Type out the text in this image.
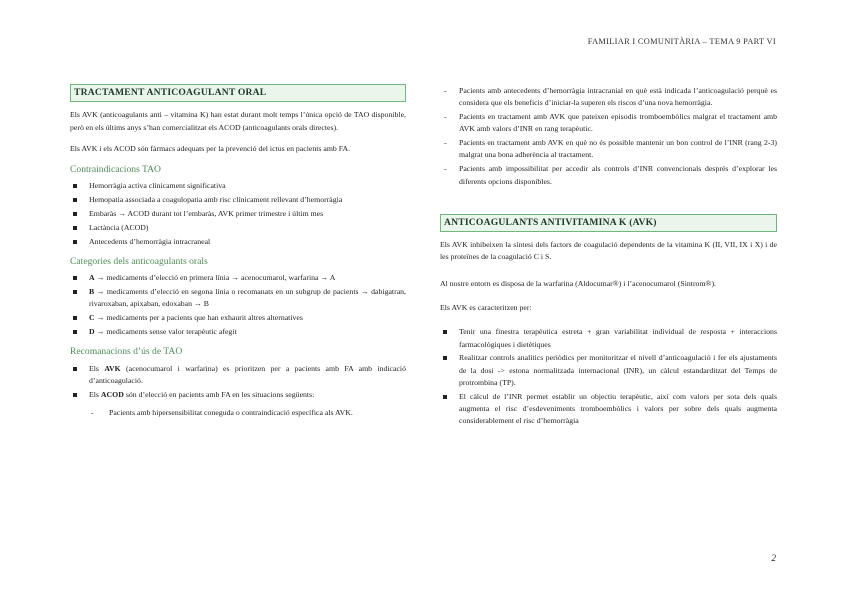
FAMILIAR I COMUNITÀRIA – TEMA 9 PART VI
TRACTAMENT ANTICOAGULANT ORAL

Els AVK (anticoagulants anti – vitamina K) han estat durant molt temps l’única opció de TAO disponible, però en els últims anys s’han comercialitzat els ACOD (anticoagulants orals directes).

Els AVK i els ACOD són fàrmacs adequats per la prevenció del ictus en pacients amb FA.

Contraindicacions TAO
Hemorràgia activa clínicament significativa
Hemopatia associada a coagulopatia amb risc clínicament rellevant d’hemorràgia
Embaràs → ACOD durant tot l’embaràs, AVK primer trimestre i últim mes
Lactància (ACOD)
Antecedents d’hemorràgia intracraneal
Categories dels anticoagulants orals
A → medicaments d’elecció en primera línia → acenocumarol, warfarina → A
B → medicaments d’elecció en segona línia o recomanats en un subgrup de pacients → dabigatran, rivaroxaban, apixaban, edoxaban → B
C → medicaments per a pacients que han exhaurit altres alternatives
D → medicaments sense valor terapèutic afegit
Recomanacions d’ús de TAO
Els AVK (acenocumarol i warfarina) es prioritzen per a pacients amb FA amb indicació d’anticoagulació.
Els ACOD són d’elecció en pacients amb FA en les situacions següents:
- Pacients amb hipersensibilitat coneguda o contraindicació específica als AVK.
- Pacients amb antecedents d’hemorràgia intracranial en què està indicada l’anticoagulació perquè es considera que els beneficis d’iniciar-la superen els riscos d’una nova hemorràgia.
- Pacients en tractament amb AVK que pateixen episodis tromboembòlics malgrat el tractament amb AVK amb valors d’INR en rang terapèutic.
- Pacients en tractament amb AVK en què no és possible mantenir un bon control de l’INR (rang 2-3) malgrat una bona adherència al tractament.
- Pacients amb impossibilitat per accedir als controls d’INR convencionals després d’explorar les diferents opcions disponibles.
ANTICOAGULANTS ANTIVITAMINA K (AVK)

Els AVK inhibeixen la síntesi dels factors de coagulació dependents de la vitamina K (II, VII, IX i X) i de les proteïnes de la coagulació C i S.

Al nostre entorn es disposa de la warfarina (Aldocumar®) i l’acenocumarol (Sintrom®).

Els AVK es caracteritzen per:

Tenir una finestra terapèutica estreta + gran variabilitat individual de resposta + interaccions farmacològiques i dietètiques
Realitzar controls analítics periòdics per monitoritzar el nivell d’anticoagulació i fer els ajustaments de la dosi -> estona normalitzada internacional (INR), un càlcul estandarditzat del Temps de protrombina (TP).
El càlcul de l’INR permet establir un objectiu terapèutic, així com valors per sota dels quals augmenta el risc d’esdeveniments tromboembòlics i valors per sobre dels quals augmenta considerablement el risc d’hemorràgia
2
